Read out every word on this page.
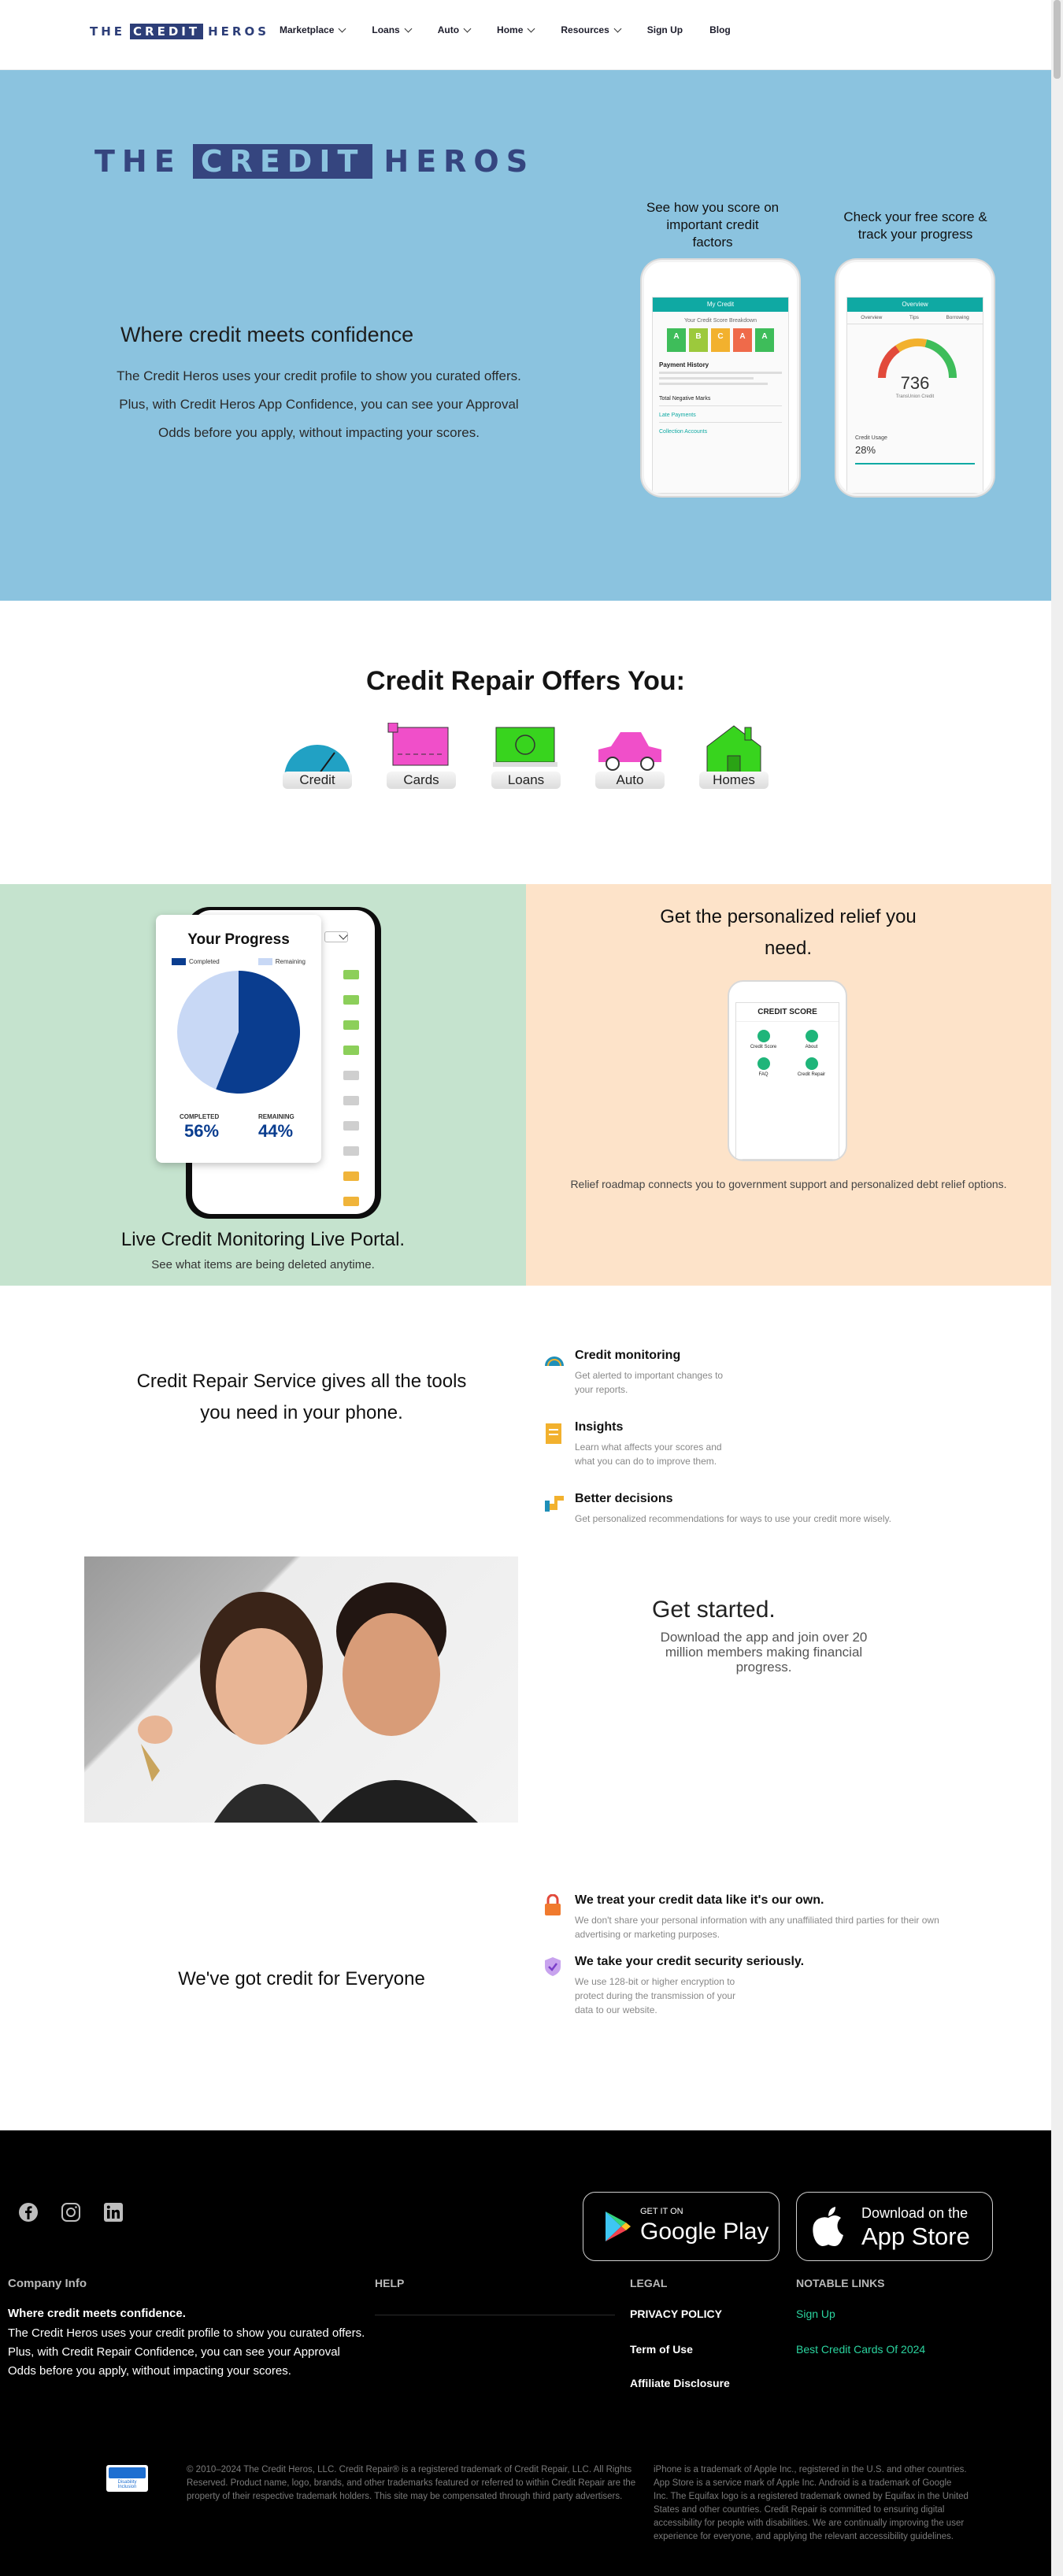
THE CREDIT HEROS Marketplace	Loans	Auto	Home	Resources	Sign Up	Blog
THE CREDIT HEROS
Where credit meets confidence
The Credit Heros uses your credit profile to show you curated offers. Plus, with Credit Heros App Confidence, you can see your Approval Odds before you apply, without impacting your scores.
See how you score on important credit factors
Check your free score & track your progress
My Credit
Your Credit Score Breakdown
A	B	C	A	A
Payment History
Total Negative Marks
Late Payments
Collection Accounts
Overview
Overview	Tips	Borrowing
736
TransUnion Credit
Credit Usage
28%
Credit Repair Offers You:
Credit	Cards	Loans	Auto	Homes

Your Progress
Completed	Remaining
COMPLETED	REMAINING
56% 44%
Live Credit Monitoring Live Portal.
See what items are being deleted anytime.
Get the personalized relief you need.
CREDIT SCORE
Credit Score	About
FAQ	Credit Repair
Relief roadmap connects you to government support and personalized debt relief options.
Credit Repair Service gives all the tools you need in your phone.
Credit monitoring
Get alerted to important changes to your reports.
Insights
Learn what affects your scores and what you can do to improve them.
Better decisions
Get personalized recommendations for ways to use your credit more wisely.
Get started.
Download the app and join over 20 million members making financial progress.
We've got credit for Everyone
We treat your credit data like it's our own.
We don't share your personal information with any unaffiliated third parties for their own advertising or marketing purposes.
We take your credit security seriously.
We use 128-bit or higher encryption to protect during the transmission of your data to our website.
GET IT ON
Google Play
Download on the
App Store
Company Info
Where credit meets confidence.
The Credit Heros uses your credit profile to show you curated offers. Plus, with Credit Repair Confidence, you can see your Approval Odds before you apply, without impacting your scores.
HELP	LEGAL
PRIVACY POLICY
Term of Use
Affiliate Disclosure
NOTABLE LINKS
Sign Up
Best Credit Cards Of 2024
Disability Inclusion
© 2010–2024 The Credit Heros, LLC. Credit Repair® is a registered trademark of Credit Repair, LLC. All Rights Reserved. Product name, logo, brands, and other trademarks featured or referred to within Credit Repair are the property of their respective trademark holders. This site may be compensated through third party advertisers.
iPhone is a trademark of Apple Inc., registered in the U.S. and other countries. App Store is a service mark of Apple Inc. Android is a trademark of Google Inc. The Equifax logo is a registered trademark owned by Equifax in the United States and other countries. Credit Repair is committed to ensuring digital accessibility for people with disabilities. We are continually improving the user experience for everyone, and applying the relevant accessibility guidelines.
